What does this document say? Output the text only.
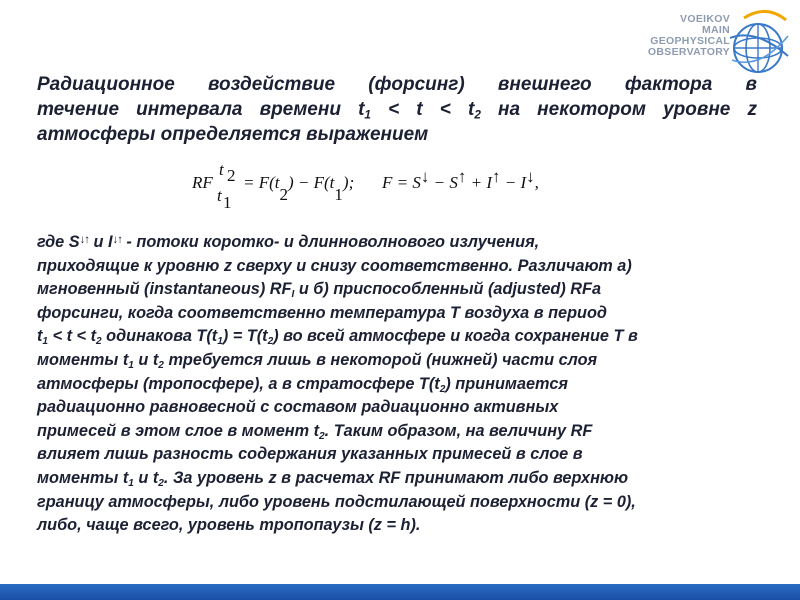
VOEIKOV
MAIN
GEOPHYSICAL
OBSERVATORY
Радиационное воздействие (форсинг) внешнего фактора в
течение интервала времени $t_1 < t < t_2$ на некотором уровне z
атмосферы определяется выражением
RF
t 2
t 1
= F(t2) − F(t1); F = S↓ − S↑ + I↑ − I↓,
где S↓↑ и I↓↑ - потоки коротко- и длинноволнового излучения,
приходящие к уровню z сверху и снизу соответственно. Различают а)
мгновенный (instantaneous) $RF_I$ и б) приспособленный (adjusted) RFa
форсинги, когда соответственно температура T воздуха в период
$t_1 < t < t_2$ одинакова $T(t_1) = T(t_2)$ во всей атмосфере и когда сохранение T в
моменты $t_1$ и $t_2$ требуется лишь в некоторой (нижней) части слоя
атмосферы (тропосфере), а в стратосфере $T(t_2)$ принимается
радиационно равновесной с составом радиационно активных
примесей в этом слое в момент $t_2$. Таким образом, на величину RF
влияет лишь разность содержания указанных примесей в слое в
моменты $t_1$ и $t_2$. За уровень z в расчетах RF принимают либо верхнюю
границу атмосферы, либо уровень подстилающей поверхности (z = 0),
либо, чаще всего, уровень тропопаузы (z = h).
